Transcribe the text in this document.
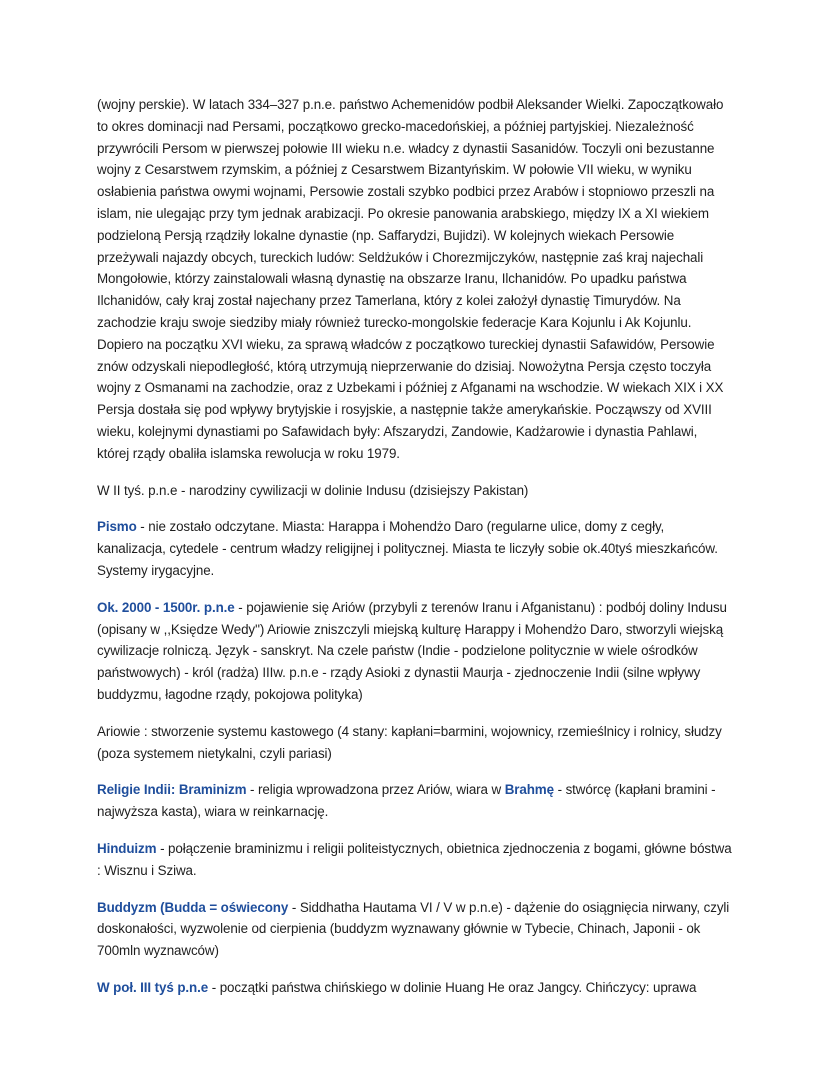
(wojny perskie). W latach 334–327 p.n.e. państwo Achemenidów podbił Aleksander Wielki. Zapoczątkowało to okres dominacji nad Persami, początkowo grecko-macedońskiej, a później partyjskiej. Niezależność przywrócili Persom w pierwszej połowie III wieku n.e. władcy z dynastii Sasanidów. Toczyli oni bezustanne wojny z Cesarstwem rzymskim, a później z Cesarstwem Bizantyńskim. W połowie VII wieku, w wyniku osłabienia państwa owymi wojnami, Persowie zostali szybko podbici przez Arabów i stopniowo przeszli na islam, nie ulegając przy tym jednak arabizacji. Po okresie panowania arabskiego, między IX a XI wiekiem podzieloną Persją rządziły lokalne dynastie (np. Saffarydzi, Bujidzi). W kolejnych wiekach Persowie przeżywali najazdy obcych, tureckich ludów: Seldżuków i Chorezmijczyków, następnie zaś kraj najechali Mongołowie, którzy zainstalowali własną dynastię na obszarze Iranu, Ilchanidów. Po upadku państwa Ilchanidów, cały kraj został najechany przez Tamerlana, który z kolei założył dynastię Timurydów. Na zachodzie kraju swoje siedziby miały również turecko-mongolskie federacje Kara Kojunlu i Ak Kojunlu. Dopiero na początku XVI wieku, za sprawą władców z początkowo tureckiej dynastii Safawidów, Persowie znów odzyskali niepodległość, którą utrzymują nieprzerwanie do dzisiaj. Nowożytna Persja często toczyła wojny z Osmanami na zachodzie, oraz z Uzbekami i później z Afganami na wschodzie. W wiekach XIX i XX Persja dostała się pod wpływy brytyjskie i rosyjskie, a następnie także amerykańskie. Począwszy od XVIII wieku, kolejnymi dynastiami po Safawidach były: Afszarydzi, Zandowie, Kadżarowie i dynastia Pahlawi, której rządy obaliła islamska rewolucja w roku 1979.

W II tyś. p.n.e - narodziny cywilizacji w dolinie Indusu (dzisiejszy Pakistan)

Pismo - nie zostało odczytane. Miasta: Harappa i Mohendżo Daro (regularne ulice, domy z cegły, kanalizacja, cytedele - centrum władzy religijnej i politycznej. Miasta te liczyły sobie ok.40tyś mieszkańców. Systemy irygacyjne.

Ok. 2000 - 1500r. p.n.e - pojawienie się Ariów (przybyli z terenów Iranu i Afganistanu) : podbój doliny Indusu (opisany w ,,Księdze Wedy'') Ariowie zniszczyli miejską kulturę Harappy i Mohendżo Daro, stworzyli wiejską cywilizacje rolniczą. Język - sanskryt. Na czele państw (Indie - podzielone politycznie w wiele ośrodków państwowych) - król (radża) IIIw. p.n.e - rządy Asioki z dynastii Maurja - zjednoczenie Indii (silne wpływy buddyzmu, łagodne rządy, pokojowa polityka)

Ariowie : stworzenie systemu kastowego (4 stany: kapłani=barmini, wojownicy, rzemieślnicy i rolnicy, słudzy (poza systemem nietykalni, czyli pariasi)

Religie Indii: Braminizm - religia wprowadzona przez Ariów, wiara w Brahmę - stwórcę (kapłani bramini - najwyższa kasta), wiara w reinkarnację.

Hinduizm - połączenie braminizmu i religii politeistycznych, obietnica zjednoczenia z bogami, główne bóstwa : Wisznu i Sziwa.

Buddyzm (Budda = oświecony - Siddhatha Hautama VI / V w p.n.e) - dążenie do osiągnięcia nirwany, czyli doskonałości, wyzwolenie od cierpienia (buddyzm wyznawany głównie w Tybecie, Chinach, Japonii - ok 700mln wyznawców)

W poł. III tyś p.n.e - początki państwa chińskiego w dolinie Huang He oraz Jangcy. Chińczycy: uprawa
